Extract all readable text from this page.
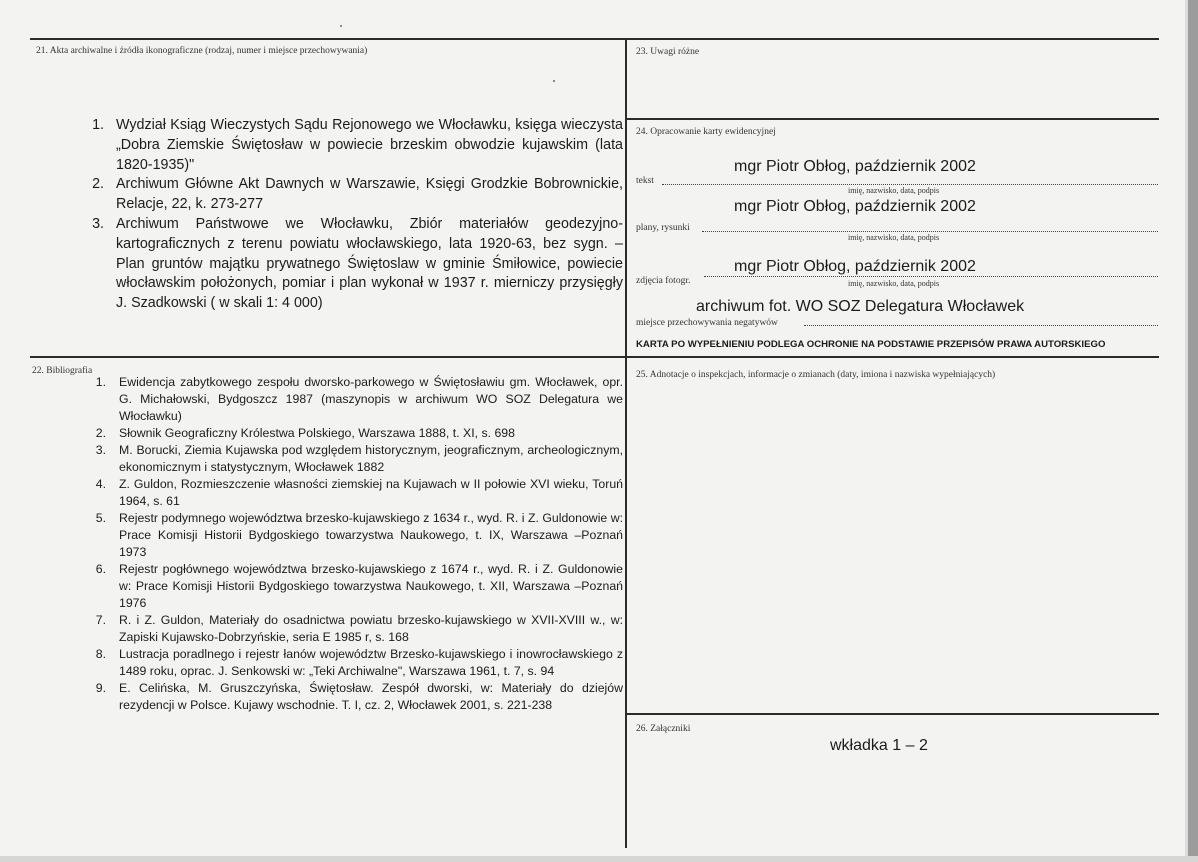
21. Akta archiwalne i źródła ikonograficzne (rodzaj, numer i miejsce przechowywania)
1. Wydział Ksiąg Wieczystych Sądu Rejonowego we Włocławku, księga wieczysta „Dobra Ziemskie Świętosław w powiecie brzeskim obwodzie kujawskim (lata 1820-1935)"
2. Archiwum Główne Akt Dawnych w Warszawie, Księgi Grodzkie Bobrownickie, Relacje, 22, k. 273-277
3. Archiwum Państwowe we Włocławku, Zbiór materiałów geodezyjno-kartograficznych z terenu powiatu włocławskiego, lata 1920-63, bez sygn. – Plan gruntów majątku prywatnego Świętoslaw w gminie Śmiłowice, powiecie włocławskim położonych, pomiar i plan wykonał w 1937 r. mierniczy przysięgły J. Szadkowski ( w skali 1: 4 000)
22. Bibliografia
1. Ewidencja zabytkowego zespołu dworsko-parkowego w Świętosławiu gm. Włocławek, opr. G. Michałowski, Bydgoszcz 1987 (maszynopis w archiwum WO SOZ Delegatura we Włocławku)
2. Słownik Geograficzny Królestwa Polskiego, Warszawa 1888, t. XI, s. 698
3. M. Borucki, Ziemia Kujawska pod względem historycznym, jeograficznym, archeologicznym, ekonomicznym i statystycznym, Włocławek 1882
4. Z. Guldon, Rozmieszczenie własności ziemskiej na Kujawach w II połowie XVI wieku, Toruń 1964, s. 61
5. Rejestr podymnego województwa brzesko-kujawskiego z 1634 r., wyd. R. i Z. Guldonowie w: Prace Komisji Historii Bydgoskiego towarzystwa Naukowego, t. IX, Warszawa –Poznań 1973
6. Rejestr pogłównego województwa brzesko-kujawskiego z 1674 r., wyd. R. i Z. Guldonowie w: Prace Komisji Historii Bydgoskiego towarzystwa Naukowego, t. XII, Warszawa –Poznań 1976
7. R. i Z. Guldon, Materiały do osadnictwa powiatu brzesko-kujawskiego w XVII-XVIII w., w: Zapiski Kujawsko-Dobrzyńskie, seria E 1985 r, s. 168
8. Lustracja poradlnego i rejestr łanów województw Brzesko-kujawskiego i inowrocławskiego z 1489 roku, oprac. J. Senkowski w: „Teki Archiwalne", Warszawa 1961, t. 7, s. 94
9. E. Celińska, M. Gruszczyńska, Świętosław. Zespół dworski, w: Materiały do dziejów rezydencji w Polsce. Kujawy wschodnie. T. I, cz. 2, Włocławek 2001, s. 221-238
23. Uwagi różne
24. Opracowanie karty ewidencyjnej
tekst
mgr Piotr Obłog, październik 2002
imię, nazwisko, data, podpis
plany, rysunki
mgr Piotr Obłog, październik 2002
imię, nazwisko, data, podpis
zdjęcia fotogr.
mgr Piotr Obłog, październik 2002
imię, nazwisko, data, podpis
archiwum fot. WO SOZ Delegatura Włocławek
miejsce przechowywania negatywów
KARTA PO WYPEŁNIENIU PODLEGA OCHRONIE NA PODSTAWIE PRZEPISÓW PRAWA AUTORSKIEGO
25. Adnotacje o inspekcjach, informacje o zmianach (daty, imiona i nazwiska wypełniających)
26. Załączniki
wkładka 1 – 2
